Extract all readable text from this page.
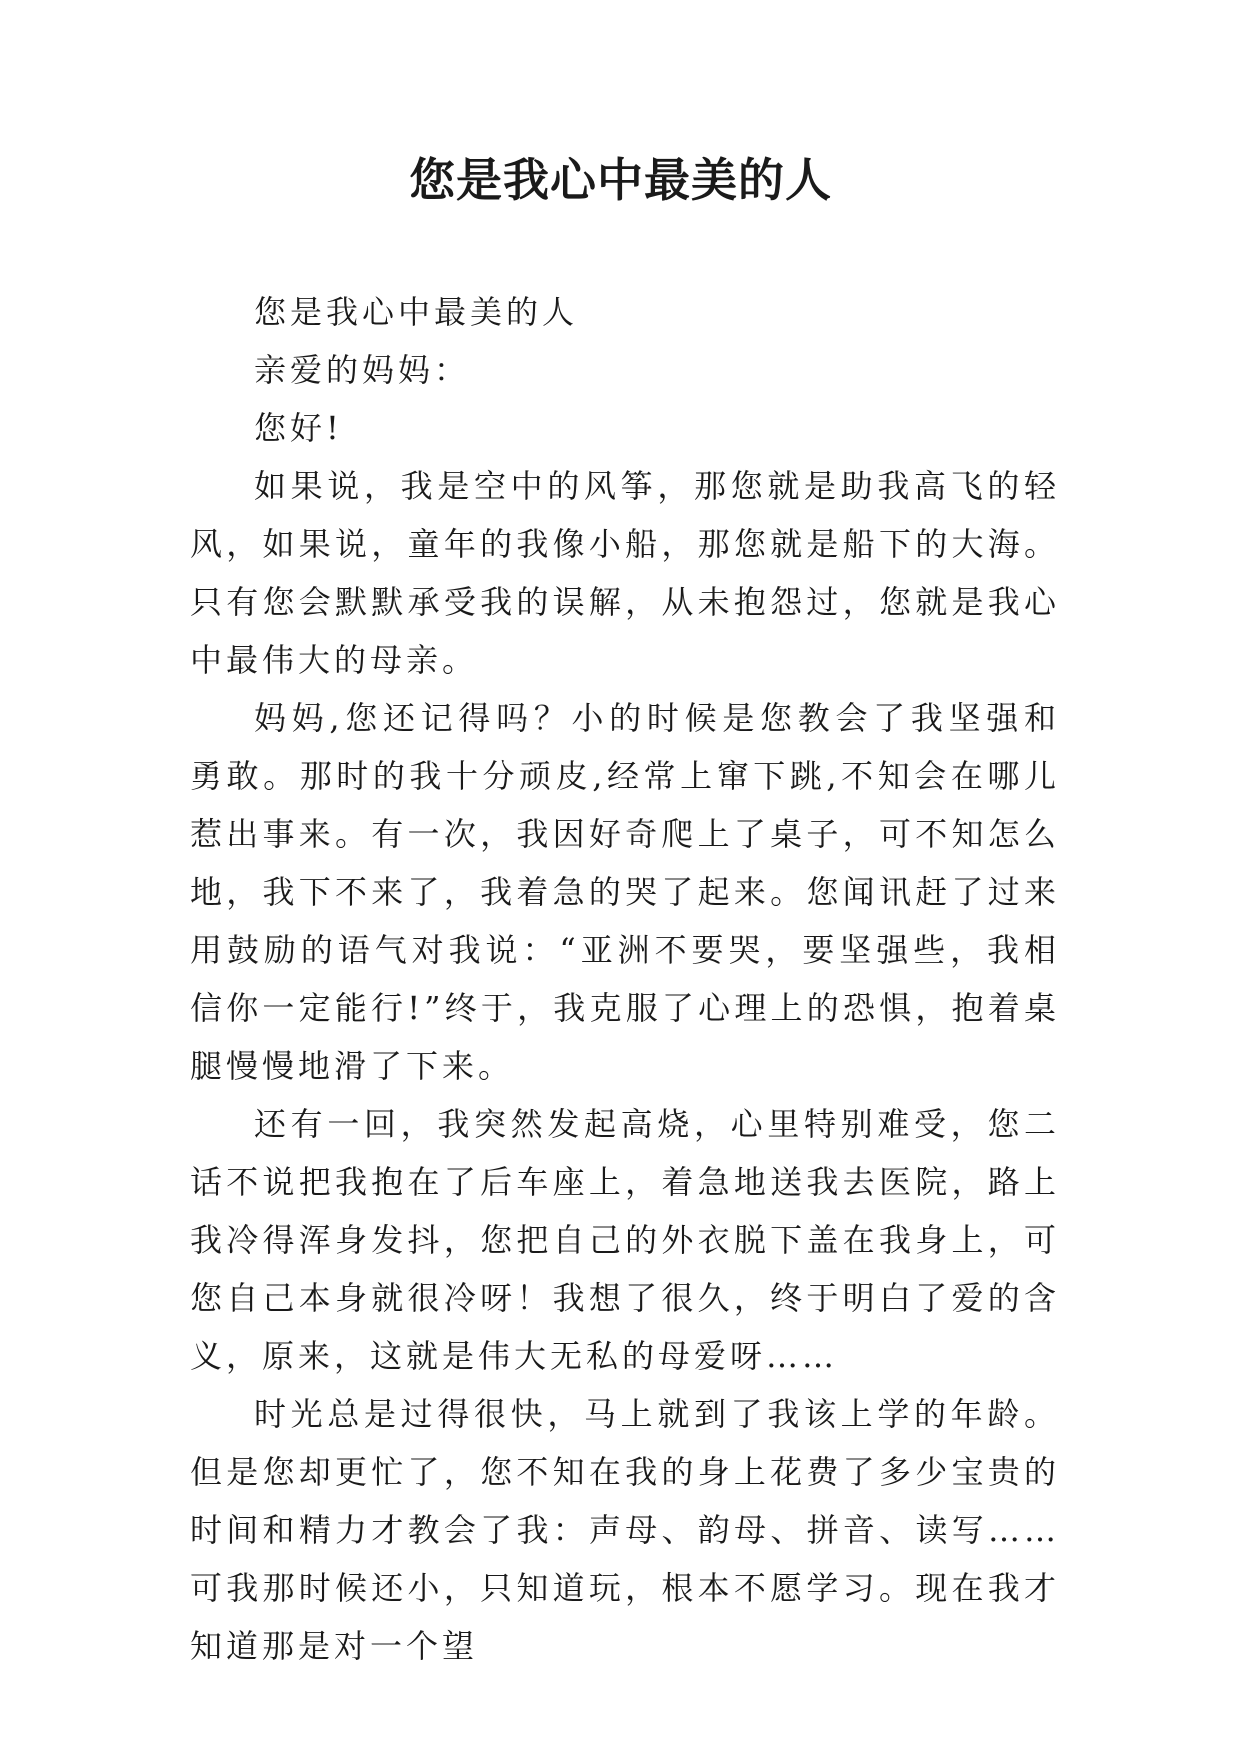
您是我心中最美的人

您是我心中最美的人

亲爱的妈妈：

您好!

如果说，我是空中的风筝，那您就是助我高飞的轻风，如果说，童年的我像小船，那您就是船下的大海。只有您会默默承受我的误解，从未抱怨过，您就是我心中最伟大的母亲。

妈妈,您还记得吗？小的时候是您教会了我坚强和勇敢。那时的我十分顽皮,经常上窜下跳,不知会在哪儿惹出事来。有一次，我因好奇爬上了桌子，可不知怎么地，我下不来了，我着急的哭了起来。您闻讯赶了过来用鼓励的语气对我说：“亚洲不要哭，要坚强些，我相信你一定能行!”终于，我克服了心理上的恐惧，抱着桌腿慢慢地滑了下来。

还有一回，我突然发起高烧，心里特别难受，您二话不说把我抱在了后车座上，着急地送我去医院，路上我冷得浑身发抖，您把自己的外衣脱下盖在我身上，可您自己本身就很冷呀！我想了很久，终于明白了爱的含义，原来，这就是伟大无私的母爱呀……

时光总是过得很快，马上就到了我该上学的年龄。但是您却更忙了，您不知在我的身上花费了多少宝贵的时间和精力才教会了我：声母、韵母、拼音、读写……可我那时候还小，只知道玩，根本不愿学习。现在我才知道那是对一个望
